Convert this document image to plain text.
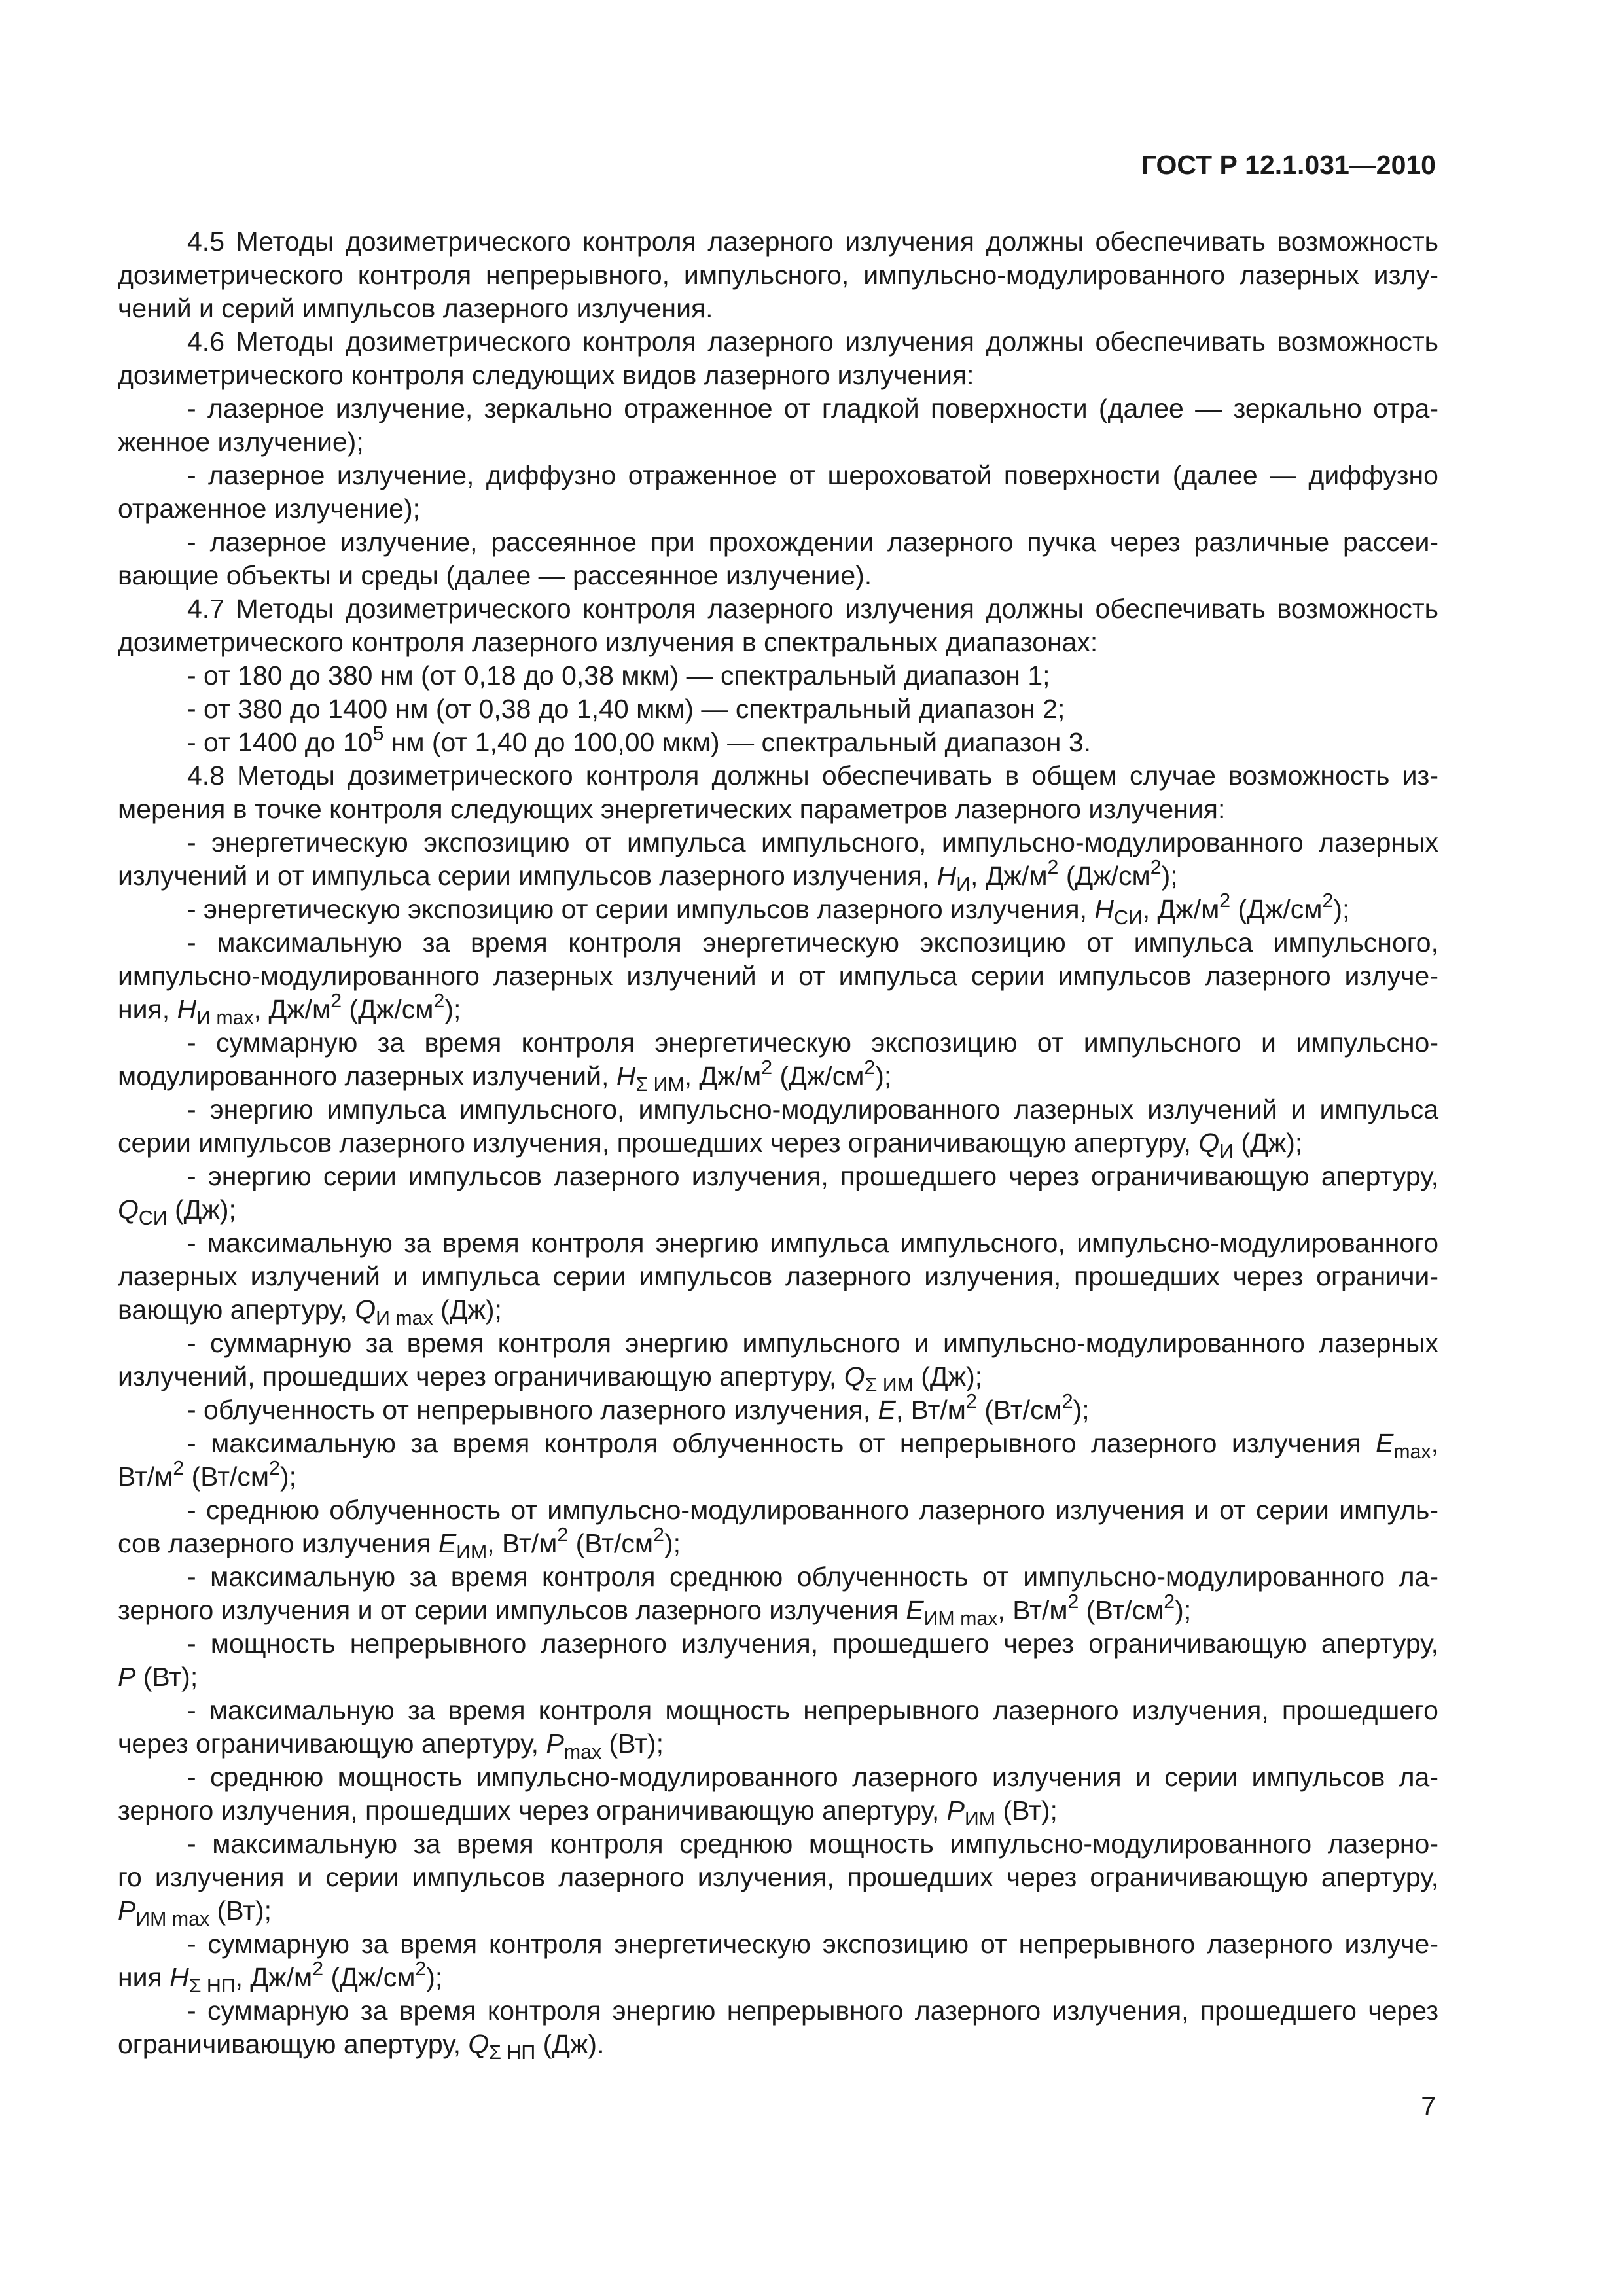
ГОСТ Р 12.1.031—2010
4.5 Методы дозиметрического контроля лазерного излучения должны обеспечивать возможность
дозиметрического контроля непрерывного, импульсного, импульсно-модулированного лазерных излу-
чений и серий импульсов лазерного излучения.
4.6 Методы дозиметрического контроля лазерного излучения должны обеспечивать возможность
дозиметрического контроля следующих видов лазерного излучения:
- лазерное излучение, зеркально отраженное от гладкой поверхности (далее — зеркально отра-
женное излучение);
- лазерное излучение, диффузно отраженное от шероховатой поверхности (далее — диффузно
отраженное излучение);
- лазерное излучение, рассеянное при прохождении лазерного пучка через различные рассеи-
вающие объекты и среды (далее — рассеянное излучение).
4.7 Методы дозиметрического контроля лазерного излучения должны обеспечивать возможность
дозиметрического контроля лазерного излучения в спектральных диапазонах:
- от 180 до 380 нм (от 0,18 до 0,38 мкм) — спектральный диапазон 1;
- от 380 до 1400 нм (от 0,38 до 1,40 мкм) — спектральный диапазон 2;
- от 1400 до $10^5$ нм (от 1,40 до 100,00 мкм) — спектральный диапазон 3.
4.8 Методы дозиметрического контроля должны обеспечивать в общем случае возможность из-
мерения в точке контроля следующих энергетических параметров лазерного излучения:
- энергетическую экспозицию от импульса импульсного, импульсно-модулированного лазерных
излучений и от импульса серии импульсов лазерного излучения, $H_И$, $Дж/м^2$ $(Дж/см^2)$;
- энергетическую экспозицию от серии импульсов лазерного излучения, $H_{СИ}$, $Дж/м^2$ $(Дж/см^2)$;
- максимальную за время контроля энергетическую экспозицию от импульса импульсного,
импульсно-модулированного лазерных излучений и от импульса серии импульсов лазерного излуче-
ния, $H_{И max}$, $Дж/м^2$ $(Дж/см^2)$;
- суммарную за время контроля энергетическую экспозицию от импульсного и импульсно-
модулированного лазерных излучений, $H_{\Sigma ИМ}$, $Дж/м^2$ $(Дж/см^2)$;
- энергию импульса импульсного, импульсно-модулированного лазерных излучений и импульса
серии импульсов лазерного излучения, прошедших через ограничивающую апертуру, $Q_И$ (Дж);
- энергию серии импульсов лазерного излучения, прошедшего через ограничивающую апертуру,
$Q_{СИ}$ (Дж);
- максимальную за время контроля энергию импульса импульсного, импульсно-модулированного
лазерных излучений и импульса серии импульсов лазерного излучения, прошедших через ограничи-
вающую апертуру, $Q_{И max}$ (Дж);
- суммарную за время контроля энергию импульсного и импульсно-модулированного лазерных
излучений, прошедших через ограничивающую апертуру, $Q_{\Sigma ИМ}$ (Дж);
- облученность от непрерывного лазерного излучения, E, $Вт/м^2$ $(Вт/см^2)$;
- максимальную за время контроля облученность от непрерывного лазерного излучения $E_{max}$,
$Вт/м^2$ $(Вт/см^2)$;
- среднюю облученность от импульсно-модулированного лазерного излучения и от серии импуль-
сов лазерного излучения $E_{ИМ}$, $Вт/м^2$ $(Вт/см^2)$;
- максимальную за время контроля среднюю облученность от импульсно-модулированного ла-
зерного излучения и от серии импульсов лазерного излучения $E_{ИМ max}$, $Вт/м^2$ $(Вт/см^2)$;
- мощность непрерывного лазерного излучения, прошедшего через ограничивающую апертуру,
P (Вт);
- максимальную за время контроля мощность непрерывного лазерного излучения, прошедшего
через ограничивающую апертуру, $P_{max}$ (Вт);
- среднюю мощность импульсно-модулированного лазерного излучения и серии импульсов ла-
зерного излучения, прошедших через ограничивающую апертуру, $P_{ИМ}$ (Вт);
- максимальную за время контроля среднюю мощность импульсно-модулированного лазерно-
го излучения и серии импульсов лазерного излучения, прошедших через ограничивающую апертуру,
$P_{ИМ max}$ (Вт);
- суммарную за время контроля энергетическую экспозицию от непрерывного лазерного излуче-
ния $H_{\Sigma НП}$, $Дж/м^2$ $(Дж/см^2)$;
- суммарную за время контроля энергию непрерывного лазерного излучения, прошедшего через
ограничивающую апертуру, $Q_{\Sigma НП}$ (Дж).
7
